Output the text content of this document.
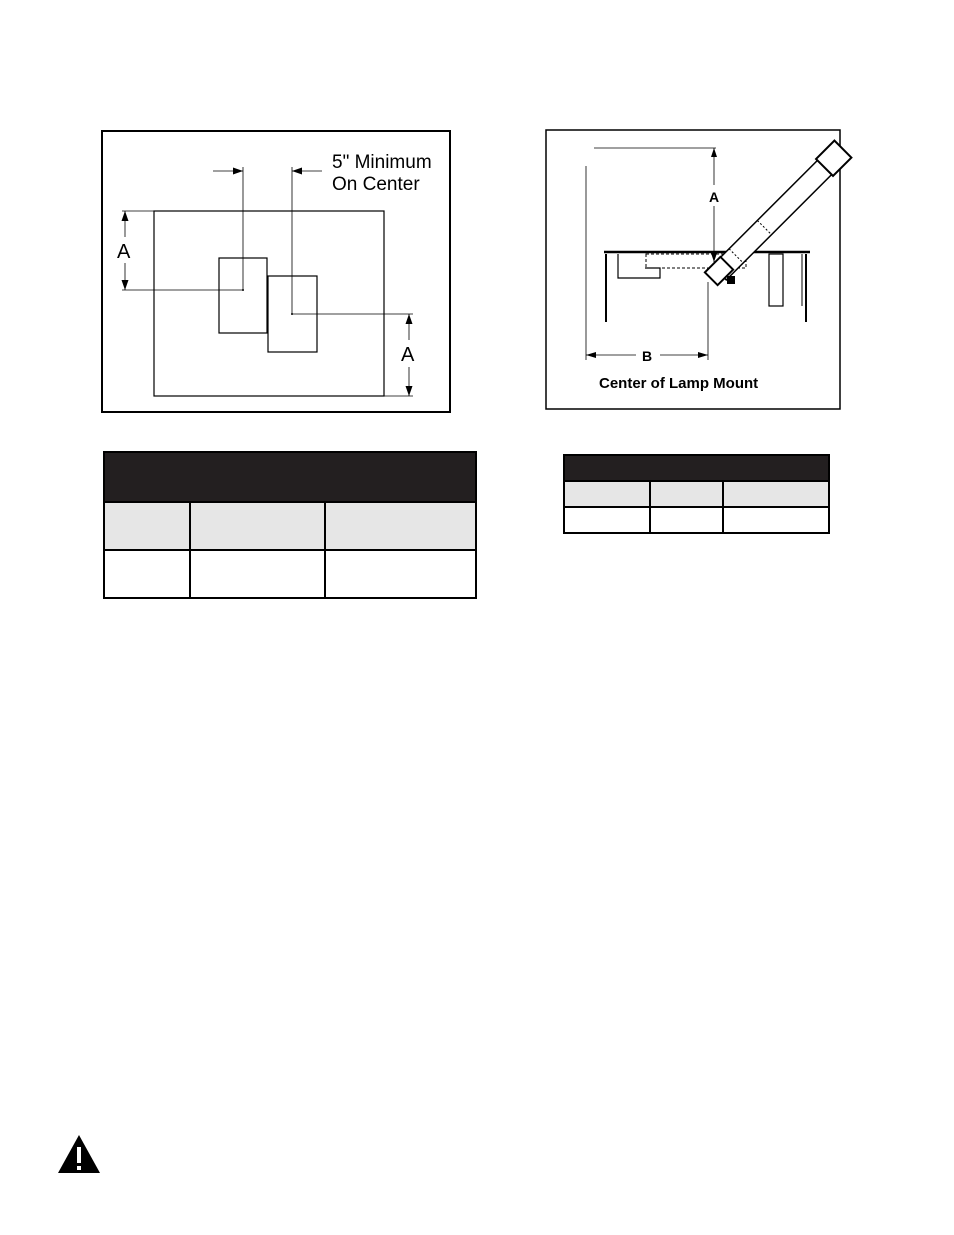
5" Minimum
On Center
A
A
A
B
Center of Lamp Mount
